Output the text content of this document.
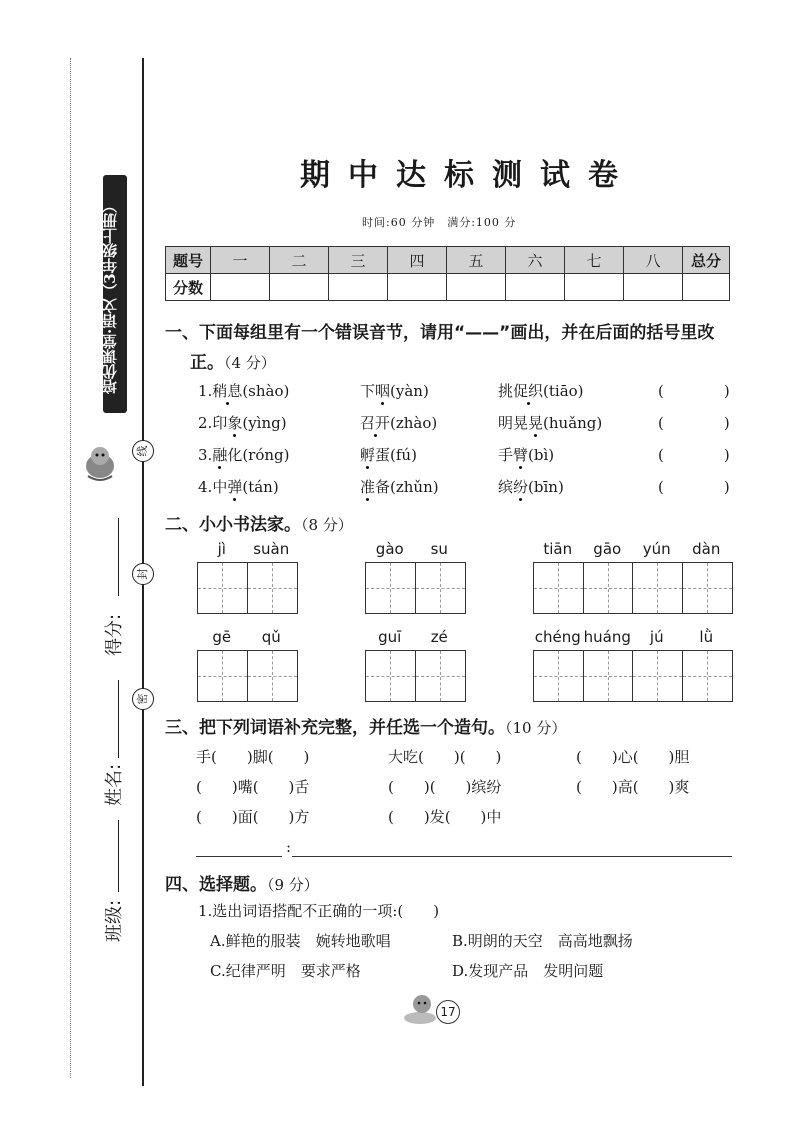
培优课堂·语文（3年级上册）
线
封
密
得分:
姓名:
班级:
期中达标测试卷
时间:60 分钟　满分:100 分
题号	一	二	三	四	五	六	七	八	总分
分数									
一、下面每组里有一个错误音节，请用“——”画出，并在后面的括号里改
正。（4 分）
1.稍息(shào)	下咽(yàn)	挑促织(tiāo)	(　　　　)
2.印象(yìng)	召开(zhào)	明晃晃(huǎng)	(　　　　)
3.融化(róng)	孵蛋(fú)	手臂(bì)	(　　　　)
4.中弹(tán)	准备(zhǔn)	缤纷(bīn)	(　　　　)
二、小小书法家。（8 分）
jì	suàn	gào	su	tiān	gāo	yún	dàn
gē	qǔ	guī	zé	chéng huáng	jú	lǜ
三、把下列词语补充完整，并任选一个造句。（10 分）
手(　　)脚(　　)	大吃(　　)(　　)	(　　)心(　　)胆
(　　)嘴(　　)舌	(　　)(　　)缤纷	(　　)高(　　)爽
(　　)面(　　)方	(　　)发(　　)中
:
四、选择题。（9 分）
1.选出词语搭配不正确的一项:(　　)
A.鲜艳的服装　婉转地歌唱	B.明朗的天空　高高地飘扬
C.纪律严明　要求严格	D.发现产品　发明问题
17
